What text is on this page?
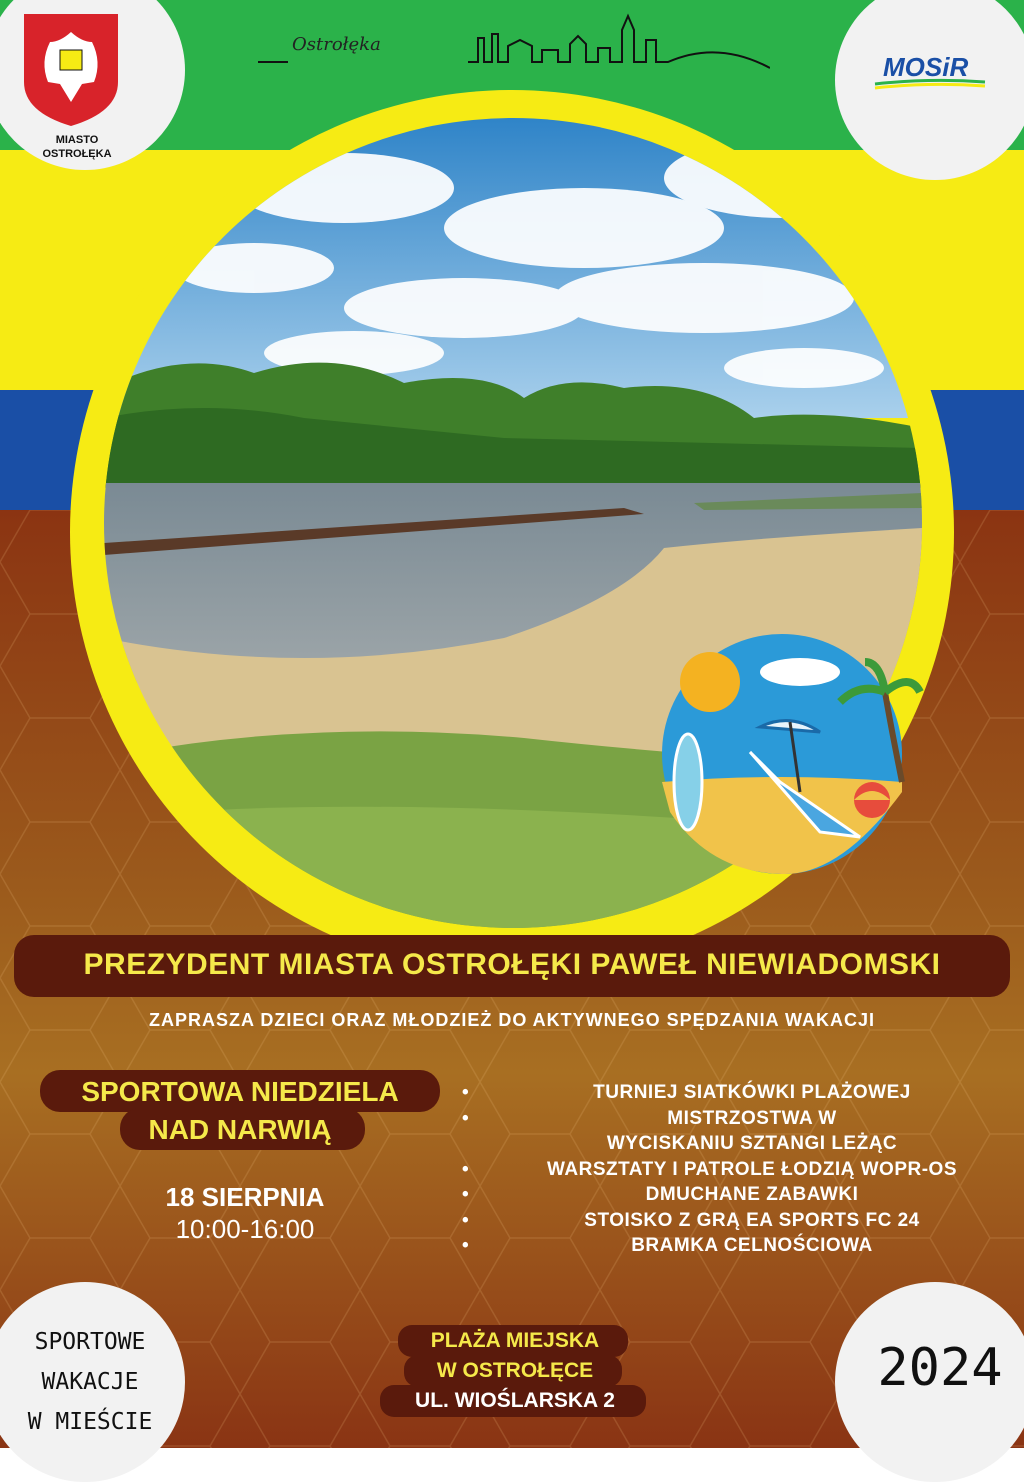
MIASTO
OSTROŁĘKA
Ostrołęka
MOSiR
PREZYDENT MIASTA OSTROŁĘKI PAWEŁ NIEWIADOMSKI
ZAPRASZA DZIECI ORAZ MŁODZIEŻ DO AKTYWNEGO SPĘDZANIA WAKACJI
SPORTOWA NIEDZIELA
NAD NARWIĄ
18 SIERPNIA
10:00-16:00
• TURNIEJ SIATKÓWKI PLAŻOWEJ
• MISTRZOSTWA W
WYCISKANIU SZTANGI LEŻĄC
• WARSZTATY I PATROLE ŁODZIĄ WOPR-OS
• DMUCHANE ZABAWKI
• STOISKO Z GRĄ EA SPORTS FC 24
• BRAMKA CELNOŚCIOWA
PLAŻA MIEJSKA
W OSTROŁĘCE
UL. WIOŚLARSKA 2
SPORTOWE
WAKACJE
W MIEŚCIE
2024
